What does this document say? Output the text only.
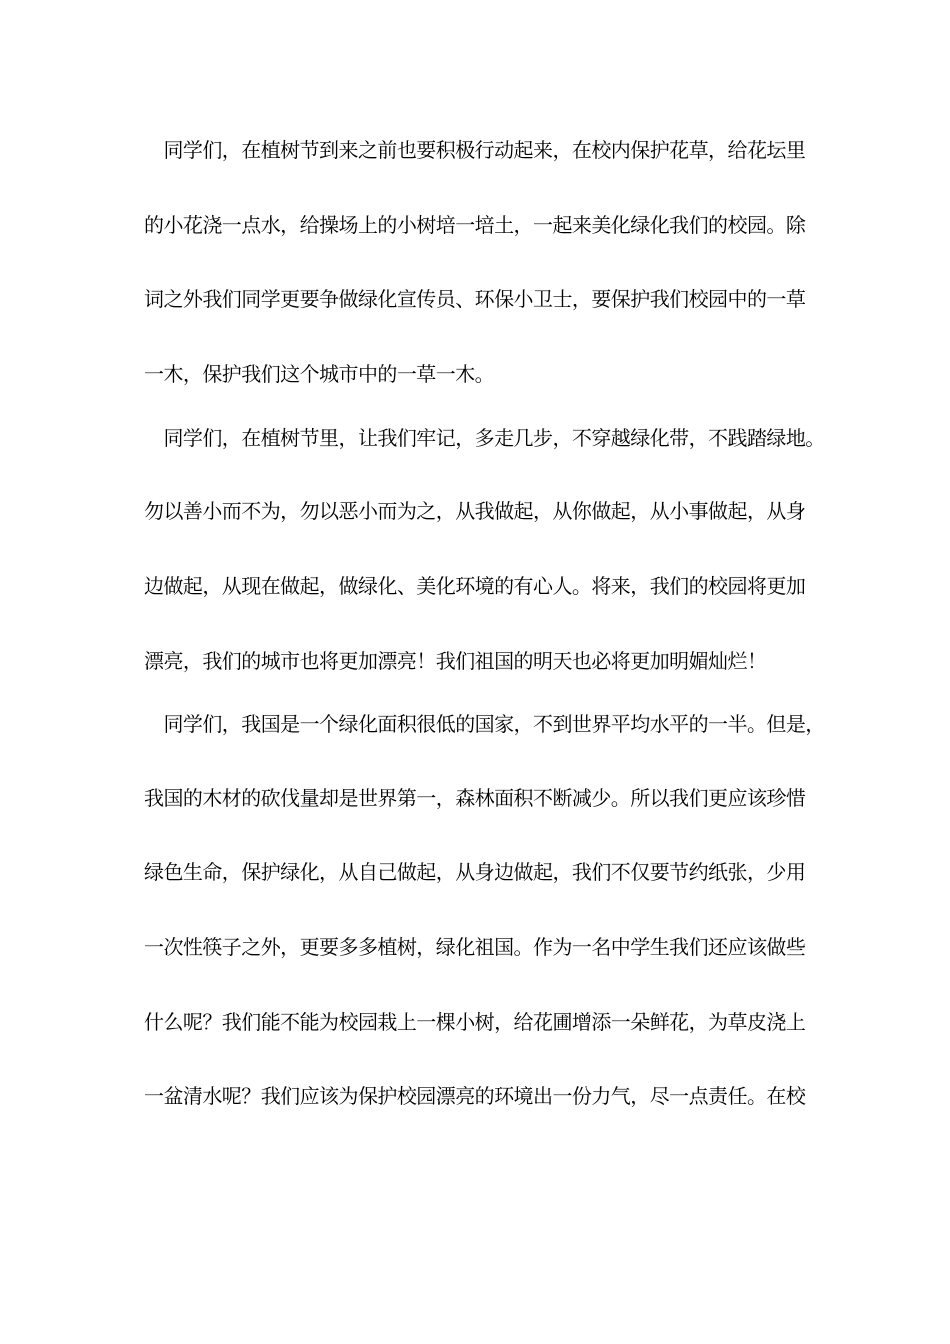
　同学们，在植树节到来之前也要积极行动起来，在校内保护花草，给花坛里
的小花浇一点水，给操场上的小树培一培土，一起来美化绿化我们的校园。除
词之外我们同学更要争做绿化宣传员、环保小卫士，要保护我们校园中的一草
一木，保护我们这个城市中的一草一木。
　同学们，在植树节里，让我们牢记，多走几步，不穿越绿化带，不践踏绿地。
勿以善小而不为，勿以恶小而为之，从我做起，从你做起，从小事做起，从身
边做起，从现在做起，做绿化、美化环境的有心人。将来，我们的校园将更加
漂亮，我们的城市也将更加漂亮！我们祖国的明天也必将更加明媚灿烂！
　同学们，我国是一个绿化面积很低的国家，不到世界平均水平的一半。但是，
我国的木材的砍伐量却是世界第一，森林面积不断减少。所以我们更应该珍惜
绿色生命，保护绿化，从自己做起，从身边做起，我们不仅要节约纸张，少用
一次性筷子之外，更要多多植树，绿化祖国。作为一名中学生我们还应该做些
什么呢？我们能不能为校园栽上一棵小树，给花圃增添一朵鲜花，为草皮浇上
一盆清水呢？我们应该为保护校园漂亮的环境出一份力气，尽一点责任。在校
